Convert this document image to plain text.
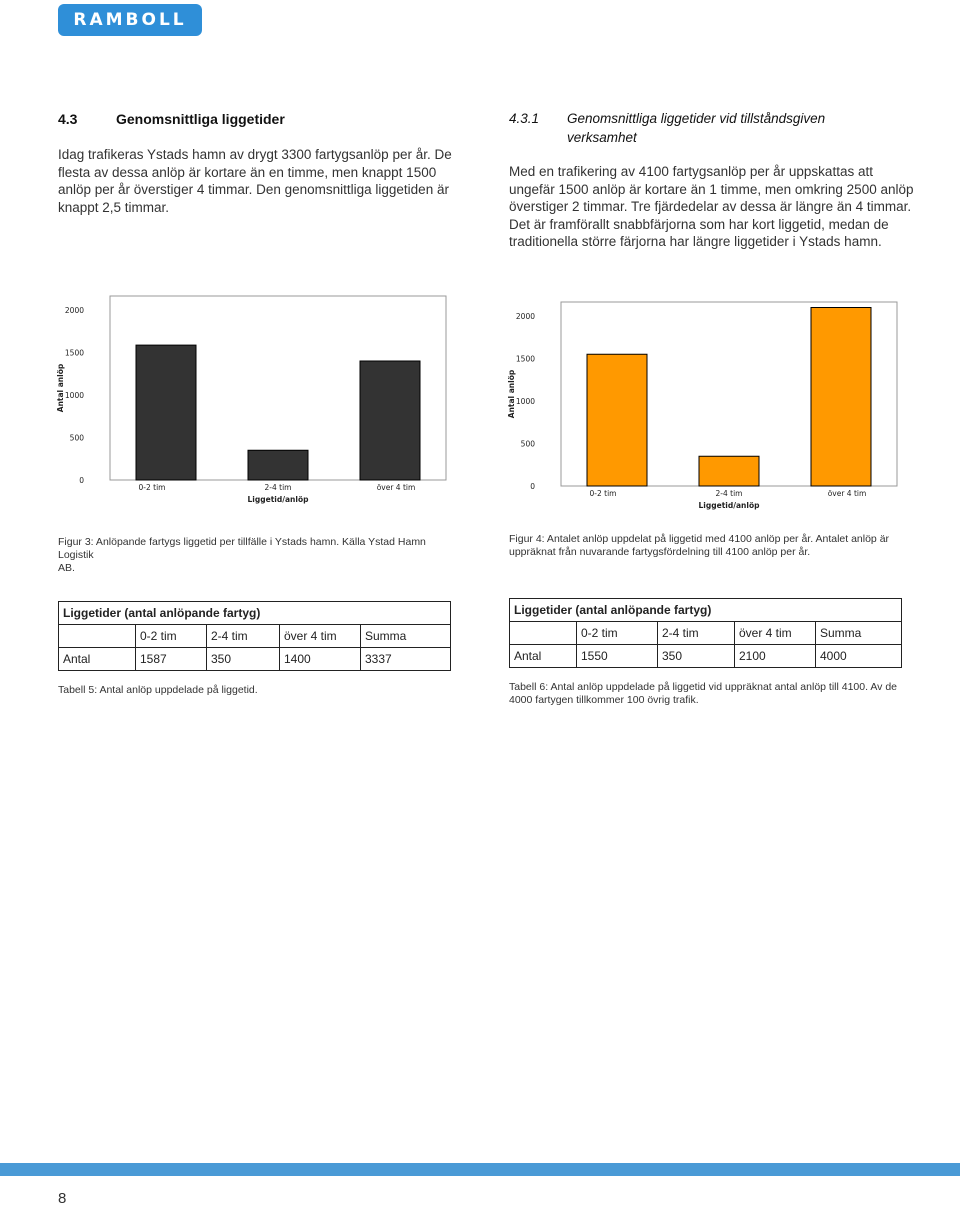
RAMBOLL
4.3	Genomsnittliga liggetider
Idag trafikeras Ystads hamn av drygt 3300 fartygsanlöp per år. De
flesta av dessa anlöp är kortare än en timme, men knappt 1500
anlöp per år överstiger 4 timmar. Den genomsnittliga liggetiden är
knappt 2,5 timmar.
4.3.1 Genomsnittliga liggetider vid tillståndsgiven
verksamhet
Med en trafikering av 4100 fartygsanlöp per år uppskattas att
ungefär 1500 anlöp är kortare än 1 timme, men omkring 2500 anlöp
överstiger 2 timmar. Tre fjärdedelar av dessa är längre än 4 timmar.
Det är framförallt snabbfärjorna som har kort liggetid, medan de
traditionella större färjorna har längre liggetider i Ystads hamn.
0
500
1000
1500
2000
Antal anlöp
0-2 tim	2-4 tim	över 4 tim
Liggetid/anlöp
0
500
1000
1500
2000
Antal anlöp
0-2 tim	2-4 tim	över 4 tim
Liggetid/anlöp
Figur 3: Anlöpande fartygs liggetid per tillfälle i Ystads hamn. Källa Ystad Hamn Logistik
AB.
Figur 4: Antalet anlöp uppdelat på liggetid med 4100 anlöp per år. Antalet anlöp är
uppräknat från nuvarande fartygsfördelning till 4100 anlöp per år.
Liggetider (antal anlöpande fartyg)				
	0-2 tim	2-4 tim	över 4 tim	Summa
Antal	1587	350	1400	3337
Liggetider (antal anlöpande fartyg)				
	0-2 tim	2-4 tim	över 4 tim	Summa
Antal	1550	350	2100	4000
Tabell 5: Antal anlöp uppdelade på liggetid.	Tabell 6: Antal anlöp uppdelade på liggetid vid uppräknat antal anlöp till 4100. Av de
4000 fartygen tillkommer 100 övrig trafik.
8
